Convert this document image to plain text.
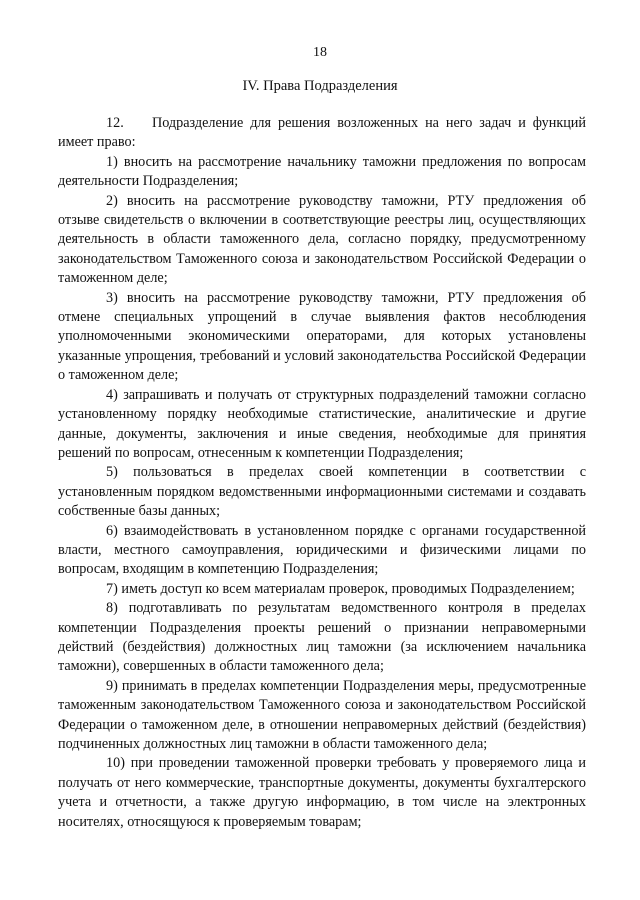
18
IV. Права Подразделения

12. Подразделение для решения возложенных на него задач и функций имеет право:

1) вносить на рассмотрение начальнику таможни предложения по вопросам деятельности Подразделения;

2) вносить на рассмотрение руководству таможни, РТУ предложения об отзыве свидетельств о включении в соответствующие реестры лиц, осуществляющих деятельность в области таможенного дела, согласно порядку, предусмотренному законодательством Таможенного союза и законодательством Российской Федерации о таможенном деле;

3) вносить на рассмотрение руководству таможни, РТУ предложения об отмене специальных упрощений в случае выявления фактов несоблюдения уполномоченными экономическими операторами, для которых установлены указанные упрощения, требований и условий законодательства Российской Федерации о таможенном деле;

4) запрашивать и получать от структурных подразделений таможни согласно установленному порядку необходимые статистические, аналитические и другие данные, документы, заключения и иные сведения, необходимые для принятия решений по вопросам, отнесенным к компетенции Подразделения;

5) пользоваться в пределах своей компетенции в соответствии с установленным порядком ведомственными информационными системами и создавать собственные базы данных;

6) взаимодействовать в установленном порядке с органами государственной власти, местного самоуправления, юридическими и физическими лицами по вопросам, входящим в компетенцию Подразделения;

7) иметь доступ ко всем материалам проверок, проводимых Подразделением;

8) подготавливать по результатам ведомственного контроля в пределах компетенции Подразделения проекты решений о признании неправомерными действий (бездействия) должностных лиц таможни (за исключением начальника таможни), совершенных в области таможенного дела;

9) принимать в пределах компетенции Подразделения меры, предусмотренные таможенным законодательством Таможенного союза и законодательством Российской Федерации о таможенном деле, в отношении неправомерных действий (бездействия) подчиненных должностных лиц таможни в области таможенного дела;

10) при проведении таможенной проверки требовать у проверяемого лица и получать от него коммерческие, транспортные документы, документы бухгалтерского учета и отчетности, а также другую информацию, в том числе на электронных носителях, относящуюся к проверяемым товарам;
